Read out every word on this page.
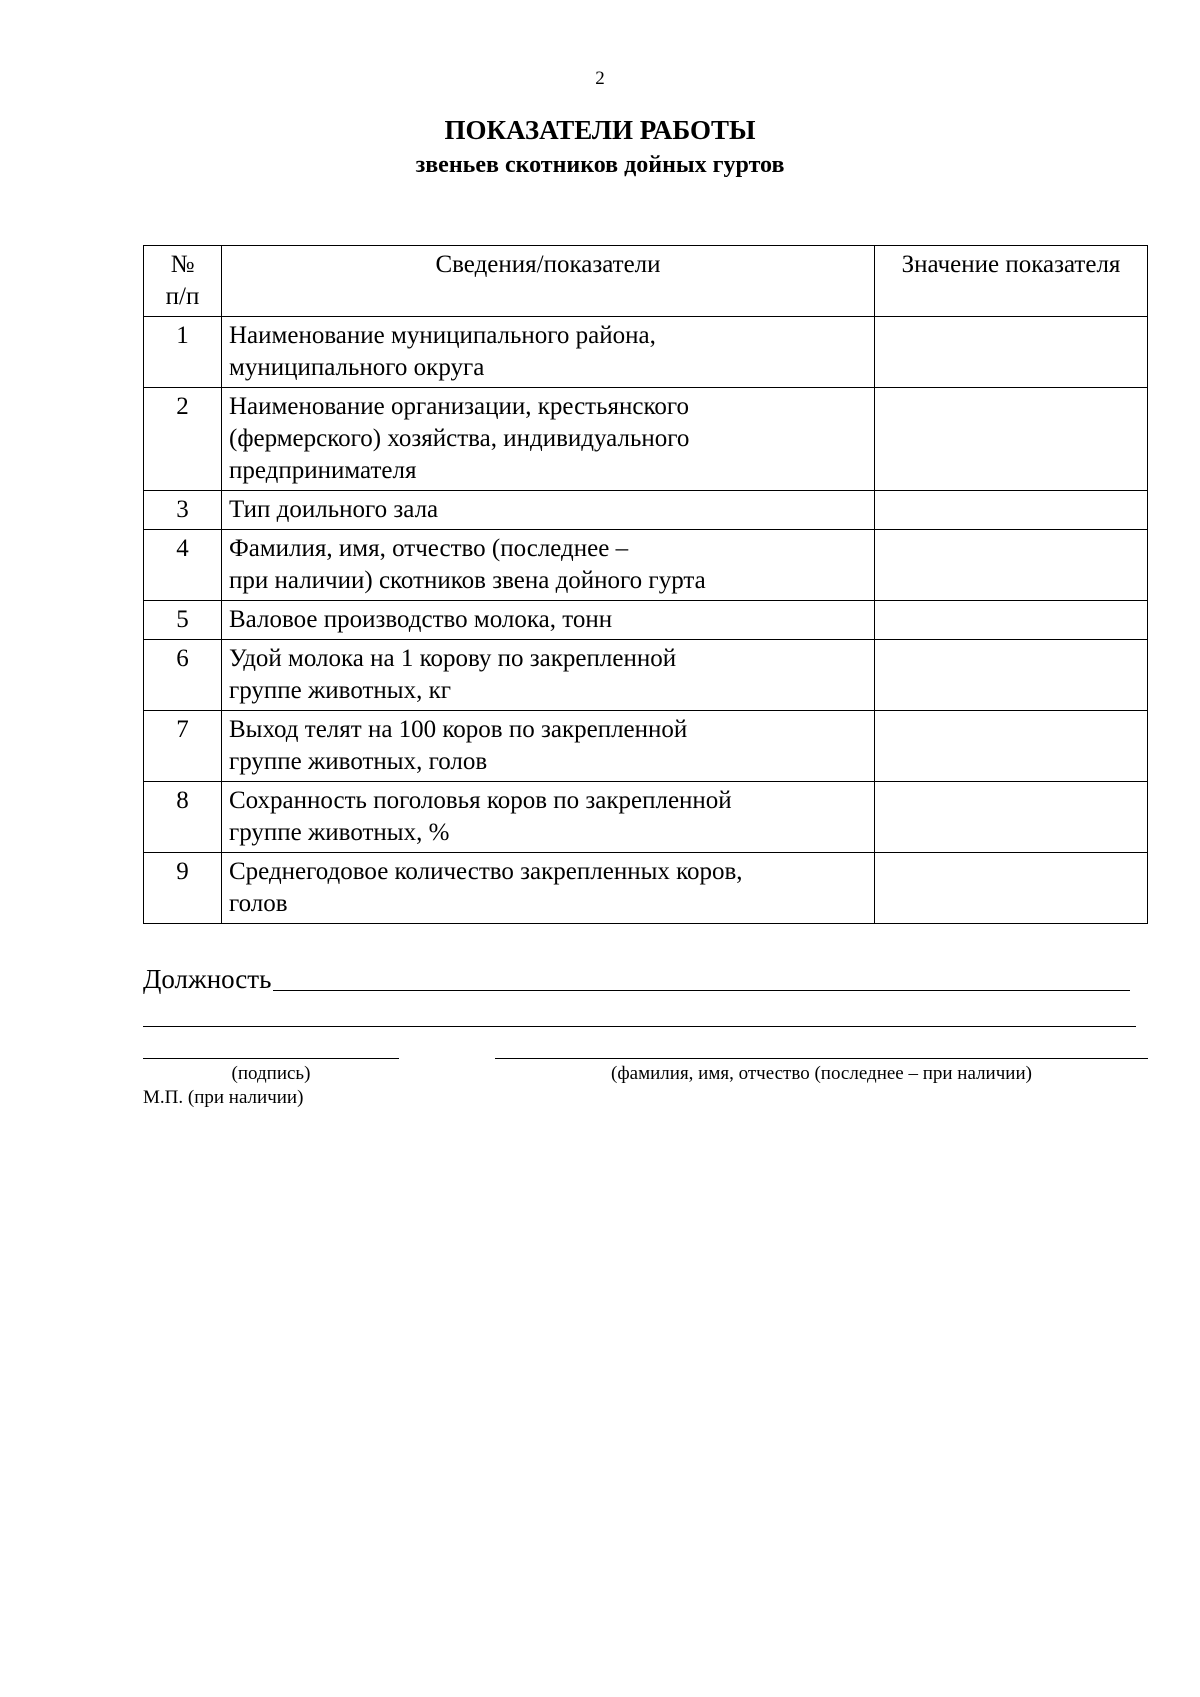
2
ПОКАЗАТЕЛИ РАБОТЫ
звеньев скотников дойных гуртов
№
п/п	Сведения/показатели	Значение показателя
1	Наименование муниципального района,
муниципального округа	
2	Наименование организации, крестьянского
(фермерского) хозяйства, индивидуального
предпринимателя	
3	Тип доильного зала	
4	Фамилия, имя, отчество (последнее –
при наличии) скотников звена дойного гурта	
5	Валовое производство молока, тонн	
6	Удой молока на 1 корову по закрепленной
группе животных, кг	
7	Выход телят на 100 коров по закрепленной
группе животных, голов	
8	Сохранность поголовья коров по закрепленной
группе животных, %	
9	Среднегодовое количество закрепленных коров,
голов	
Должность
(подпись)	(фамилия, имя, отчество (последнее – при наличии)
М.П. (при наличии)
